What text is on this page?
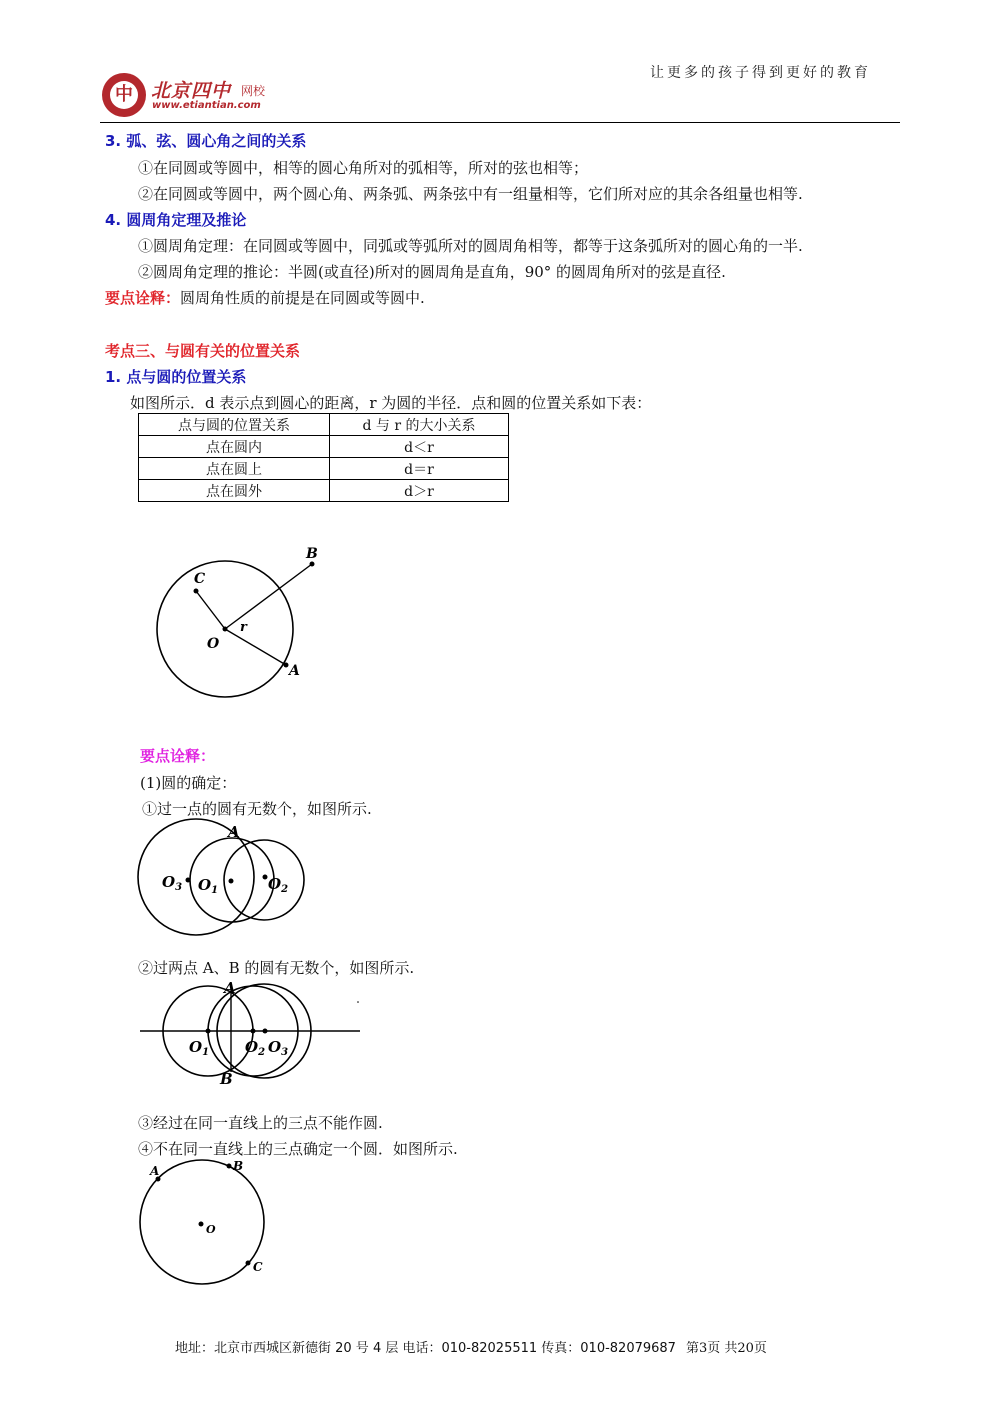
让更多的孩子得到更好的教育
中 北京四中 网校
www.etiantian.com
3. 弧、弦、圆心角之间的关系
①在同圆或等圆中，相等的圆心角所对的弧相等，所对的弦也相等；
②在同圆或等圆中，两个圆心角、两条弧、两条弦中有一组量相等，它们所对应的其余各组量也相等.
4. 圆周角定理及推论
①圆周角定理：在同圆或等圆中，同弧或等弧所对的圆周角相等，都等于这条弧所对的圆心角的一半.
②圆周角定理的推论：半圆(或直径)所对的圆周角是直角，90° 的圆周角所对的弦是直径.
要点诠释：圆周角性质的前提是在同圆或等圆中.
考点三、与圆有关的位置关系
1. 点与圆的位置关系
如图所示．d 表示点到圆心的距离，r 为圆的半径．点和圆的位置关系如下表：
点与圆的位置关系	d 与 r 的大小关系
点在圆内	d＜r
点在圆上	d＝r
点在圆外	d＞r
B
C
O
A
r
要点诠释：
(1)圆的确定：
①过一点的圆有无数个，如图所示.
A
$O_3$ $O_1$	$O_2$
②过两点 A、B 的圆有无数个，如图所示.
A
B
$O_1$ $O_2$ $O_3$
③经过在同一直线上的三点不能作圆.
④不在同一直线上的三点确定一个圆．如图所示.
A	B
C
O
地址：北京市西城区新德街 20 号 4 层 电话：010-82025511 传真：010-82079687 第3页 共20页
